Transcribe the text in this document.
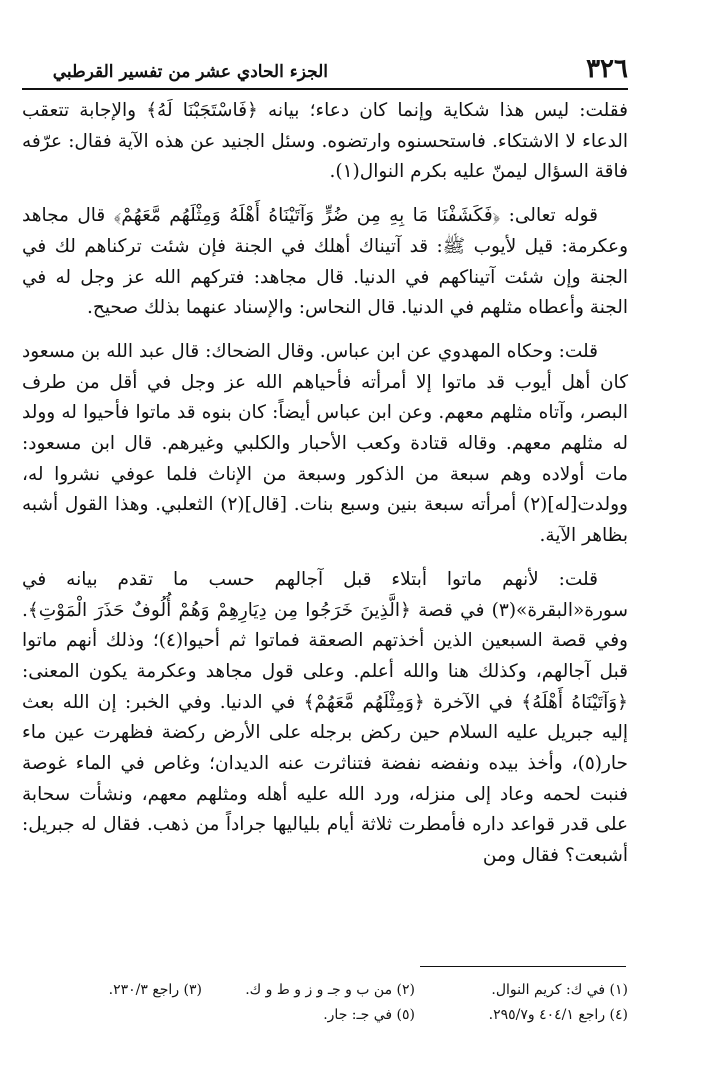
٣٢٦
الجزء الحادي عشر من تفسير القرطبي

فقلت: ليس هذا شكاية وإنما كان دعاء؛ بيانه ﴿فَاسْتَجَبْنَا لَهُ﴾ والإجابة تتعقب الدعاء لا الاشتكاء. فاستحسنوه وارتضوه. وسئل الجنيد عن هذه الآية فقال: عرّفه فاقة السؤال ليمنّ عليه بكرم النوال(١).

قوله تعالى: ﴿فَكَشَفْنَا مَا بِهِ مِن ضُرٍّ وَآتَيْنَاهُ أَهْلَهُ وَمِثْلَهُم مَّعَهُمْ﴾ قال مجاهد وعكرمة: قيل لأيوب ﷺ: قد آتيناك أهلك في الجنة فإن شئت تركناهم لك في الجنة وإن شئت آتيناكهم في الدنيا. قال مجاهد: فتركهم الله عز وجل له في الجنة وأعطاه مثلهم في الدنيا. قال النحاس: والإسناد عنهما بذلك صحيح.

قلت: وحكاه المهدوي عن ابن عباس. وقال الضحاك: قال عبد الله بن مسعود كان أهل أيوب قد ماتوا إلا أمرأته فأحياهم الله عز وجل في أقل من طرف البصر، وآتاه مثلهم معهم. وعن ابن عباس أيضاً: كان بنوه قد ماتوا فأحيوا له وولد له مثلهم معهم. وقاله قتادة وكعب الأحبار والكلبي وغيرهم. قال ابن مسعود: مات أولاده وهم سبعة من الذكور وسبعة من الإناث فلما عوفي نشروا له، وولدت[له](٢) أمرأته سبعة بنين وسبع بنات. [قال](٢) الثعلبي. وهذا القول أشبه بظاهر الآية.

قلت: لأنهم ماتوا أبتلاء قبل آجالهم حسب ما تقدم بيانه في سورة«البقرة»(٣) في قصة ﴿الَّذِينَ خَرَجُوا مِن دِيَارِهِمْ وَهُمْ أُلُوفٌ حَذَرَ الْمَوْتِ﴾. وفي قصة السبعين الذين أخذتهم الصعقة فماتوا ثم أحيوا(٤)؛ وذلك أنهم ماتوا قبل آجالهم، وكذلك هنا والله أعلم. وعلى قول مجاهد وعكرمة يكون المعنى: ﴿وَآتَيْنَاهُ أَهْلَهُ﴾ في الآخرة ﴿وَمِثْلَهُم مَّعَهُمْ﴾ في الدنيا. وفي الخبر: إن الله بعث إليه جبريل عليه السلام حين ركض برجله على الأرض ركضة فظهرت عين ماء حار(٥)، وأخذ بيده ونفضه نفضة فتناثرت عنه الديدان؛ وغاص في الماء غوصة فنبت لحمه وعاد إلى منزله، ورد الله عليه أهله ومثلهم معهم، ونشأت سحابة على قدر قواعد داره فأمطرت ثلاثة أيام بلياليها جراداً من ذهب. فقال له جبريل: أشبعت؟ فقال ومن

(١) في ك: كريم النوال.
(٢) من ب و جـ و ز و ط و ك.
(٣) راجع ٢٣٠/٣.
(٤) راجع ٤٠٤/١ و٢٩٥/٧.
(٥) في جـ: جار.
